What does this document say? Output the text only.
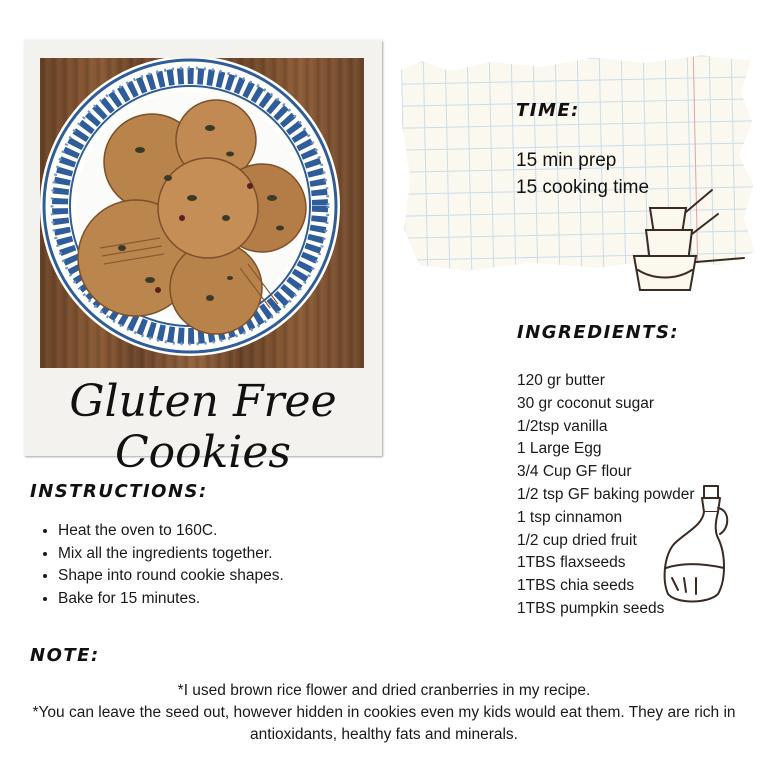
Gluten Free Cookies
TIME:
15 min prep
15 cooking time
INGREDIENTS:
120 gr butter
30 gr coconut sugar
1/2tsp vanilla
1 Large Egg
3/4 Cup GF flour
1/2 tsp GF baking powder
1 tsp cinnamon
1/2 cup dried fruit
1TBS flaxseeds
1TBS chia seeds
1TBS pumpkin seeds
INSTRUCTIONS:
• Heat the oven to 160C.
• Mix all the ingredients together.
• Shape into round cookie shapes.
• Bake for 15 minutes.
NOTE:
*I used brown rice flower and dried cranberries in my recipe.
*You can leave the seed out, however hidden in cookies even my kids would eat them. They are rich in antioxidants, healthy fats and minerals.
